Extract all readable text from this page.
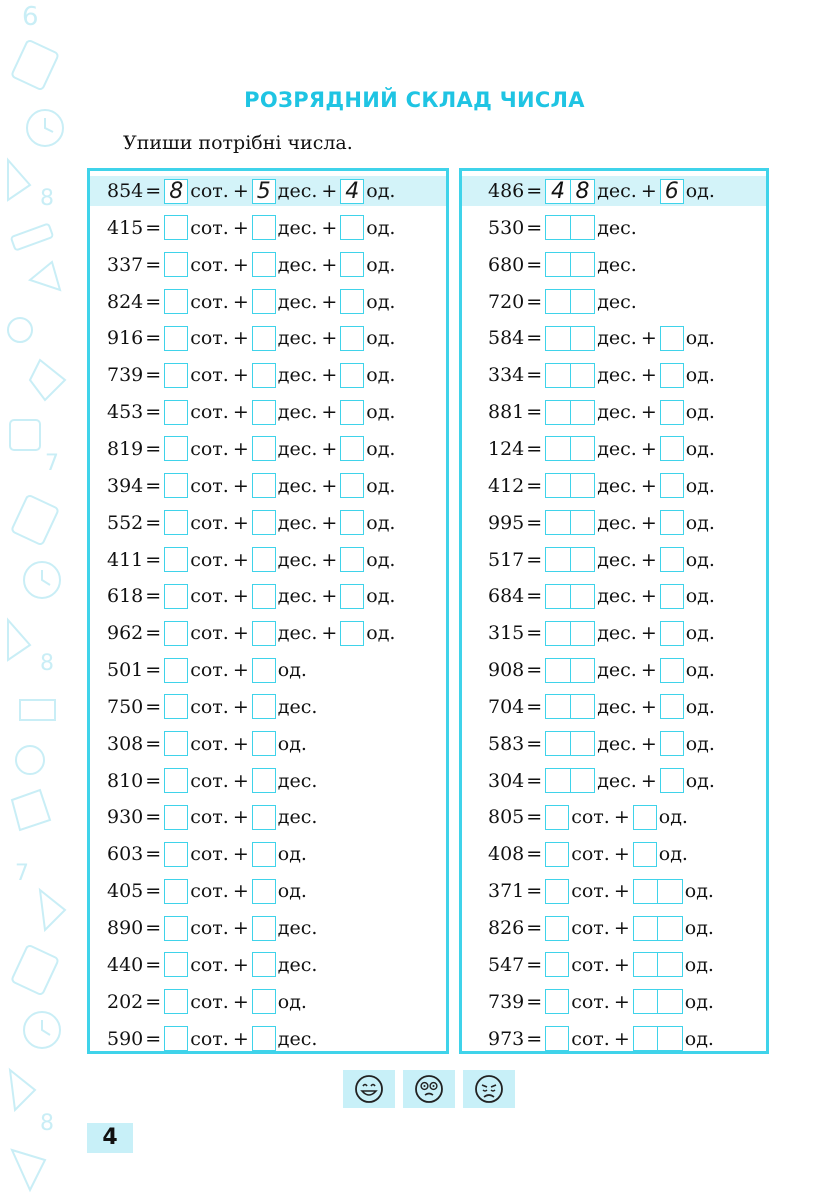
6
8
7
8
7
8
РОЗРЯДНИЙ СКЛАД ЧИСЛА
Упиши потрібні числа.
854 = 8 сот. + 5 дес. + 4 од.
415 = сот. + дес. + од.
337 = сот. + дес. + од.
824 = сот. + дес. + од.
916 = сот. + дес. + од.
739 = сот. + дес. + од.
453 = сот. + дес. + од.
819 = сот. + дес. + од.
394 = сот. + дес. + од.
552 = сот. + дес. + од.
411 = сот. + дес. + од.
618 = сот. + дес. + од.
962 = сот. + дес. + од.
501 = сот. + од.
750 = сот. + дес.
308 = сот. + од.
810 = сот. + дес.
930 = сот. + дес.
603 = сот. + од.
405 = сот. + од.
890 = сот. + дес.
440 = сот. + дес.
202 = сот. + од.
590 = сот. + дес.
486 = 4 8 дес. + 6 од.
530 =	дес.
680 =	дес.
720 =	дес.
584 =	дес. + од.
334 =	дес. + од.
881 =	дес. + од.
124 =	дес. + од.
412 =	дес. + од.
995 =	дес. + од.
517 =	дес. + од.
684 =	дес. + од.
315 =	дес. + од.
908 =	дес. + од.
704 =	дес. + од.
583 =	дес. + од.
304 =	дес. + од.
805 = сот. + од.
408 = сот. + од.
371 = сот. +	од.
826 = сот. +	од.
547 = сот. +	од.
739 = сот. +	од.
973 = сот. +	од.
4
